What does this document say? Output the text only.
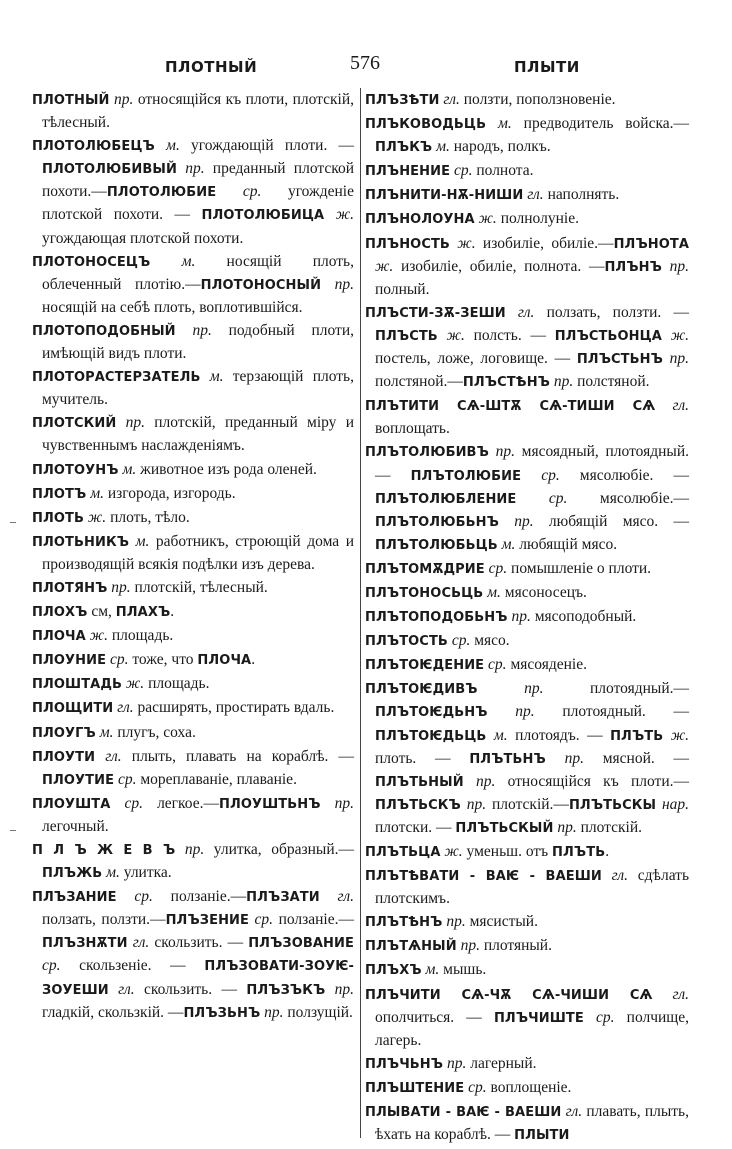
ПЛОТНЫЙ	576	ПЛЫТИ
ПЛОТНЫЙ пр. относящійся къ плоти, плотскій, тѣлесный.
ПЛОТОЛЮБЕЦЪ м. угождающій плоти. — ПЛОТОЛЮБИВЫЙ пр. преданный плотской похоти.—ПЛОТОЛЮБИЕ ср. угожденіе плотской похоти. — ПЛОТОЛЮБИЦА ж. угождающая плотской похоти.
ПЛОТОНОСЕЦЪ м. носящій плоть, облеченный плотію.—ПЛОТОНОСНЫЙ пр. носящій на себѣ плоть, воплотившійся.
ПЛОТОПОДОБНЫЙ пр. подобный плоти, имѣющій видъ плоти.
ПЛОТОРАСТЕРЗАТЕЛЬ м. терзающій плоть, мучитель.
ПЛОТСКИЙ пр. плотскій, преданный міру и чувственнымъ наслажденіямъ.
ПЛОТОУНЪ м. животное изъ рода оленей.
ПЛОТЪ м. изгорода, изгородь.
ПЛОТЬ ж. плоть, тѣло.
ПЛОТЬНИКЪ м. работникъ, строющій дома и производящій всякія подѣлки изъ дерева.
ПЛОТЯНЪ пр. плотскій, тѣлесный.
ПЛОХЪ см, ПЛАХЪ.
ПЛОЧА ж. площадь.
ПЛОУНИЕ ср. тоже, что ПЛОЧА.
ПЛОШТАДЬ ж. площадь.
ПЛОЩИТИ гл. расширять, простирать вдаль.
ПЛОУГЪ м. плугъ, соха.
ПЛОУТИ гл. плыть, плавать на кораблѣ. — ПЛОУТИЕ ср. мореплаваніе, плаваніе.
ПЛОУШТА ср. легкое.—ПЛОУШТЬНЪ пр. легочный.
П Л Ъ Ж Е В Ъ пр. улитка, образный.— ПЛЪЖЬ м. улитка.
ПЛЪЗАНИЕ ср. ползаніе.—ПЛЪЗАТИ гл. ползать, ползти.—ПЛЪЗЕНИЕ ср. ползаніе.—ПЛЪЗНѪТИ гл. скользить. — ПЛЪЗОВАНИЕ ср. скользеніе. — ПЛЪЗОВАТИ-ЗОУѤ-ЗОУЕШИ гл. скользить. — ПЛЪЗЪКЪ пр. гладкій, скользкій. —ПЛЪЗЬНЪ пр. ползущій.
ПЛЪЗѢТИ гл. ползти, поползновеніе.
ПЛЪКОВОДЬЦЬ м. предводитель войска.—ПЛЪКЪ м. народъ, полкъ.
ПЛЪНЕНИЕ ср. полнота.
ПЛЪНИТИ-НѪ-НИШИ гл. наполнять.
ПЛЪНОЛОУНА ж. полнолуніе.
ПЛЪНОСТЬ ж. изобиліе, обиліе.—ПЛЪНОТА ж. изобиліе, обиліе, полнота. —ПЛЪНЪ пр. полный.
ПЛЪСТИ-ЗѪ-ЗЕШИ гл. ползать, ползти. —ПЛЪСТЬ ж. полсть. — ПЛЪСТЬОНЦА ж. постель, ложе, логовище. — ПЛЪСТЬНЪ пр. полстяной.—ПЛЪСТѢНЪ пр. полстяной.
ПЛЪТИТИ СѦ-ШТѪ СѦ-ТИШИ СѦ гл. воплощать.
ПЛЪТОЛЮБИВЪ пр. мясоядный, плотоядный. — ПЛЪТОЛЮБИЕ ср. мясолюбіе. — ПЛЪТОЛЮБЛЕНИЕ ср. мясолюбіе.— ПЛЪТОЛЮБЬНЪ пр. любящій мясо. — ПЛЪТОЛЮБЬЦЬ м. любящій мясо.
ПЛЪТОМѪДРИЕ ср. помышленіе о плоти.
ПЛЪТОНОСЬЦЬ м. мясоносецъ.
ПЛЪТОПОДОБЬНЪ пр. мясоподобный.
ПЛЪТОСТЬ ср. мясо.
ПЛЪТОѤДЕНИЕ ср. мясояденіе.
ПЛЪТОѤДИВЪ	пр. плотоядный.—ПЛЪТОѤДЬНЪ пр. плотоядный. — ПЛЪТОѤДЬЦЬ м. плотоядъ. — ПЛЪТЬ ж. плоть. — ПЛЪТЬНЪ пр. мясной. — ПЛЪТЬНЫЙ пр. относящійся къ плоти.—ПЛЪТЬСКЪ пр. плотскій.—ПЛЪТЬСКЫ нар. плотски. — ПЛЪТЬСКЫЙ пр. плотскій.
ПЛЪТЬЦА ж. уменьш. отъ ПЛЪТЬ.
ПЛЪТѢВАТИ - ВАѤ - ВАЕШИ гл. сдѣлать плотскимъ.
ПЛЪТѢНЪ пр. мясистый.
ПЛЪТѦНЫЙ пр. плотяный.
ПЛЪХЪ м. мышь.
ПЛЪЧИТИ СѦ-ЧѪ СѦ-ЧИШИ СѦ гл. ополчиться. — ПЛЪЧИШТЕ ср. полчище, лагерь.
ПЛЪЧЬНЪ пр. лагерный.
ПЛЪШТЕНИЕ ср. воплощеніе.
ПЛЫВАТИ - ВАѤ - ВАЕШИ гл. плавать, плыть, ѣхать на кораблѣ. — ПЛЫТИ
